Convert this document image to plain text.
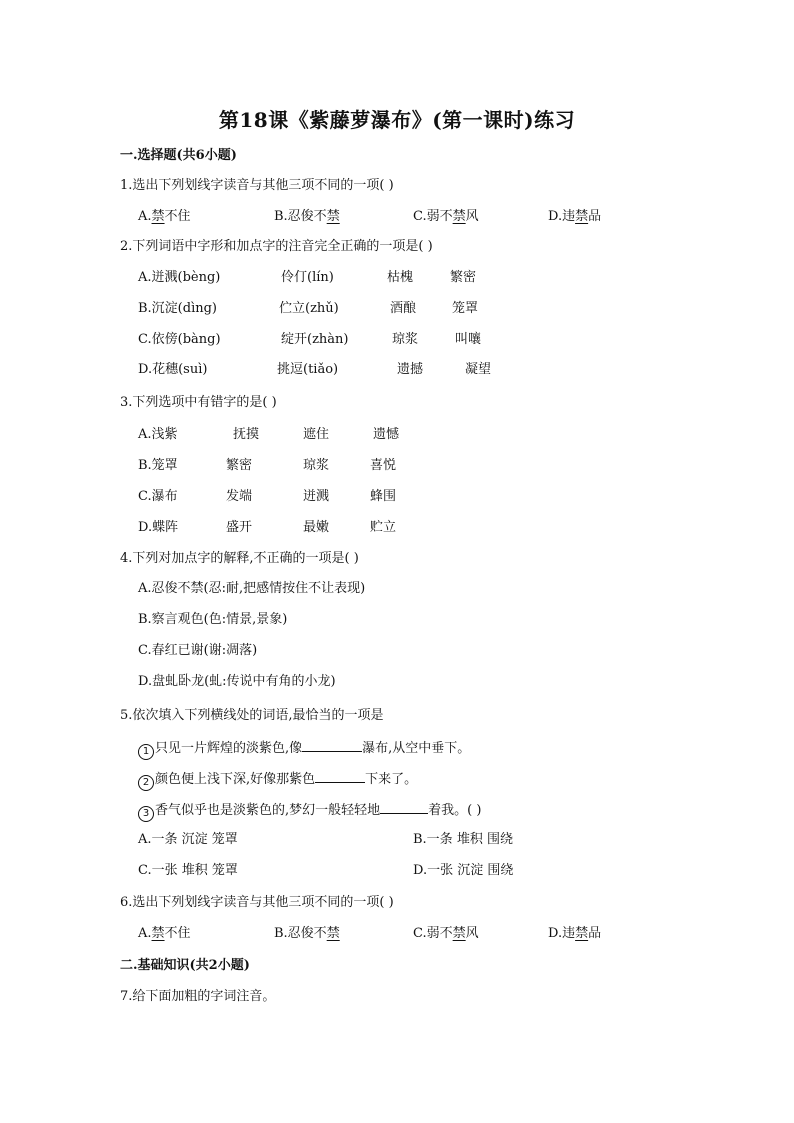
第18课《紫藤萝瀑布》(第一课时)练习
一.选择题(共6小题)
1.选出下列划线字读音与其他三项不同的一项( )
A.禁不住	B.忍俊不禁	C.弱不禁风	D.违禁品
2.下列词语中字形和加点字的注音完全正确的一项是( )
A.迸溅(bèng)	伶仃(lín)	枯槐	繁密
B.沉淀(dìng)	伫立(zhǔ)	酒酿	笼罩
C.依傍(bàng)	绽开(zhàn)	琼浆	叫嚷
D.花穗(suì)	挑逗(tiǎo)	遗撼	凝望
3.下列选项中有错字的是( )
A.浅紫	抚摸	遮住	遗憾
B.笼罩	繁密	琼浆	喜悦
C.瀑布	发端	迸溅	蜂围
D.蝶阵	盛开	最嫩	贮立
4.下列对加点字的解释,不正确的一项是( )
A.忍俊不禁(忍:耐,把感情按住不让表现)
B.察言观色(色:情景,景象)
C.春红已谢(谢:凋落)
D.盘虬卧龙(虬:传说中有角的小龙)
5.依次填入下列横线处的词语,最恰当的一项是
1 只见一片辉煌的淡紫色,像	瀑布,从空中垂下。
2 颜色便上浅下深,好像那紫色	下来了。
3 香气似乎也是淡紫色的,梦幻一般轻轻地	着我。( )
A.一条 沉淀 笼罩	B.一条 堆积 围绕
C.一张 堆积 笼罩	D.一张 沉淀 围绕
6.选出下列划线字读音与其他三项不同的一项( )
A.禁不住	B.忍俊不禁	C.弱不禁风	D.违禁品
二.基础知识(共2小题)
7.给下面加粗的字词注音。
